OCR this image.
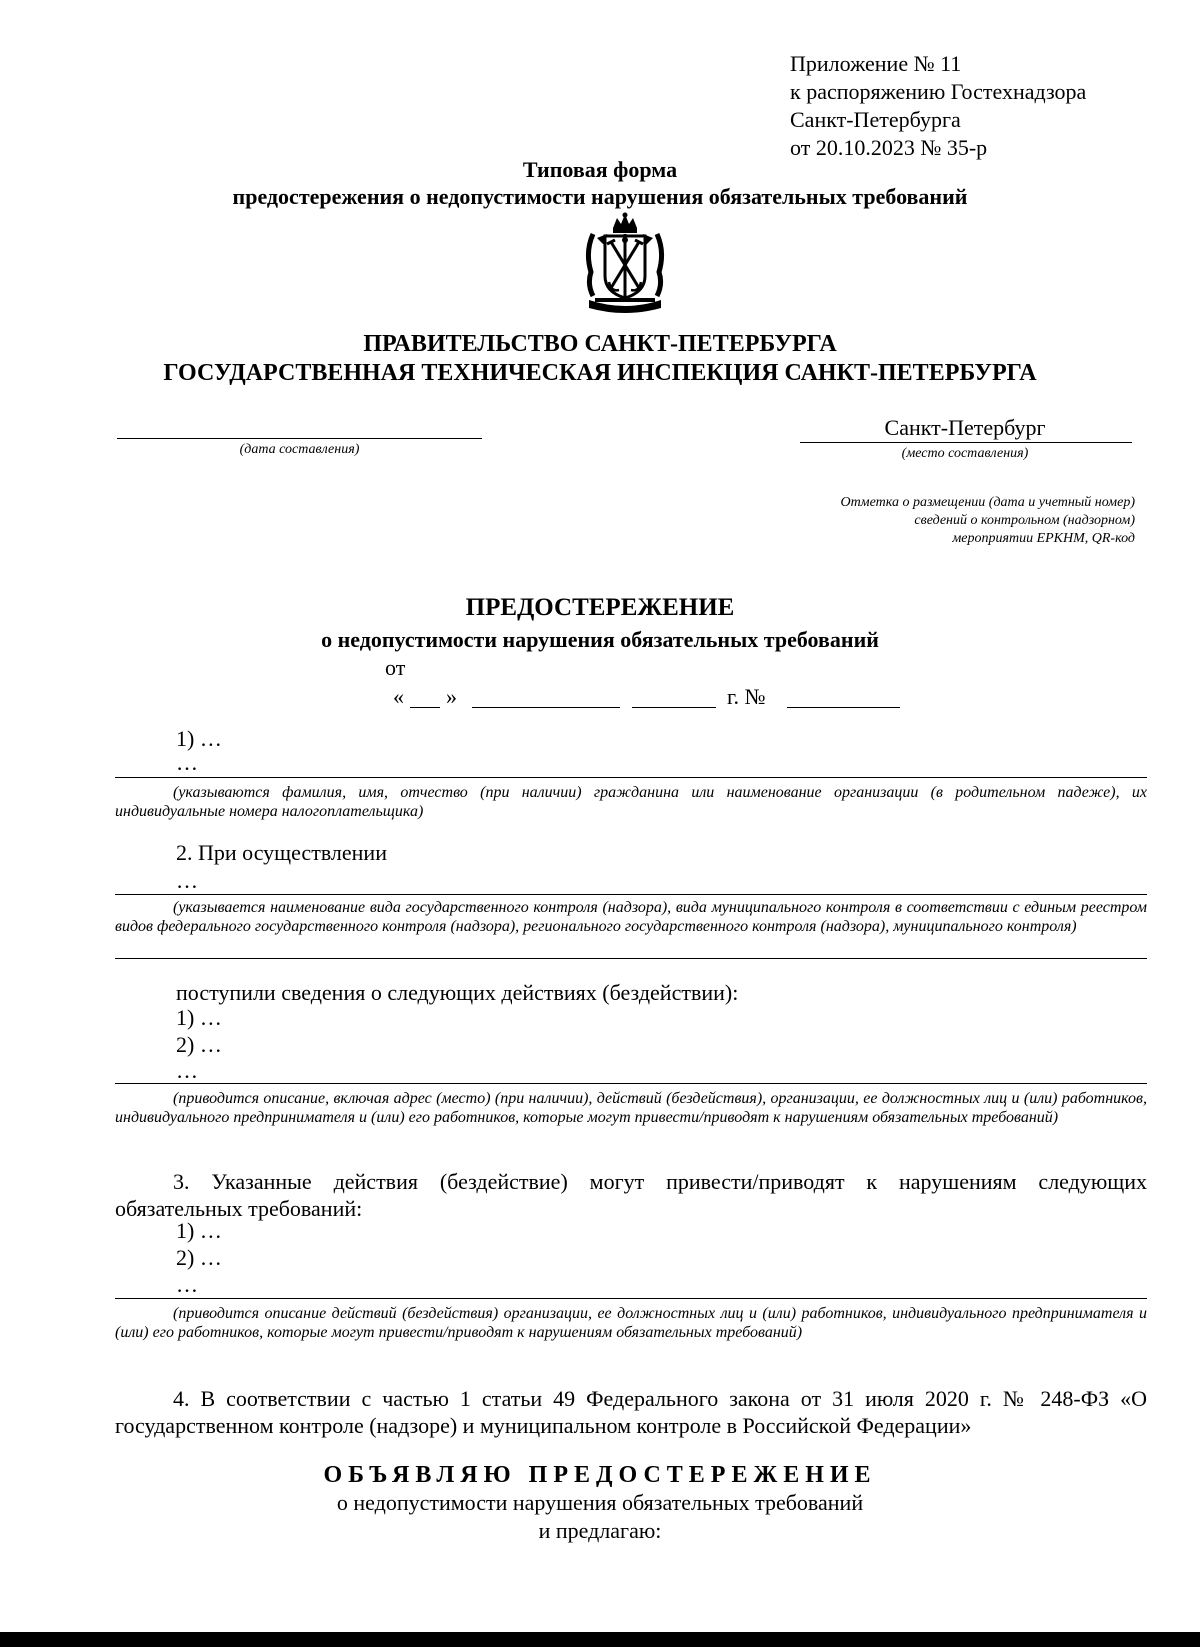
Приложение № 11
к распоряжению Гостехнадзора
Санкт-Петербурга
от 20.10.2023 № 35-р
Типовая форма
предостережения о недопустимости нарушения обязательных требований
ПРАВИТЕЛЬСТВО САНКТ-ПЕТЕРБУРГА
ГОСУДАРСТВЕННАЯ ТЕХНИЧЕСКАЯ ИНСПЕКЦИЯ САНКТ-ПЕТЕРБУРГА
(дата составления)
Санкт-Петербург
(место составления)
Отметка о размещении (дата и учетный номер)
сведений о контрольном (надзорном)
мероприятии ЕРКНМ, QR-код
ПРЕДОСТЕРЕЖЕНИЕ
о недопустимости нарушения обязательных требований
от
« »	г. №
1) …
…
(указываются фамилия, имя, отчество (при наличии) гражданина или наименование организации (в родительном падеже), их индивидуальные номера налогоплательщика)
2. При осуществлении
…
(указывается наименование вида государственного контроля (надзора), вида муниципального контроля в соответствии с единым реестром видов федерального государственного контроля (надзора), регионального государственного контроля (надзора), муниципального контроля)
поступили сведения о следующих действиях (бездействии):
1) …
2) …
…
(приводится описание, включая адрес (место) (при наличии), действий (бездействия), организации, ее должностных лиц и (или) работников, индивидуального предпринимателя и (или) его работников, которые могут привести/приводят к нарушениям обязательных требований)
3. Указанные действия (бездействие) могут привести/приводят к нарушениям следующих обязательных требований:
1) …
2) …
…
(приводится описание действий (бездействия) организации, ее должностных лиц и (или) работников, индивидуального предпринимателя и (или) его работников, которые могут привести/приводят к нарушениям обязательных требований)
4. В соответствии с частью 1 статьи 49 Федерального закона от 31 июля 2020 г. № 248-ФЗ «О государственном контроле (надзоре) и муниципальном контроле в Российской Федерации»
ОБЪЯВЛЯЮ ПРЕДОСТЕРЕЖЕНИЕ
о недопустимости нарушения обязательных требований
и предлагаю:
